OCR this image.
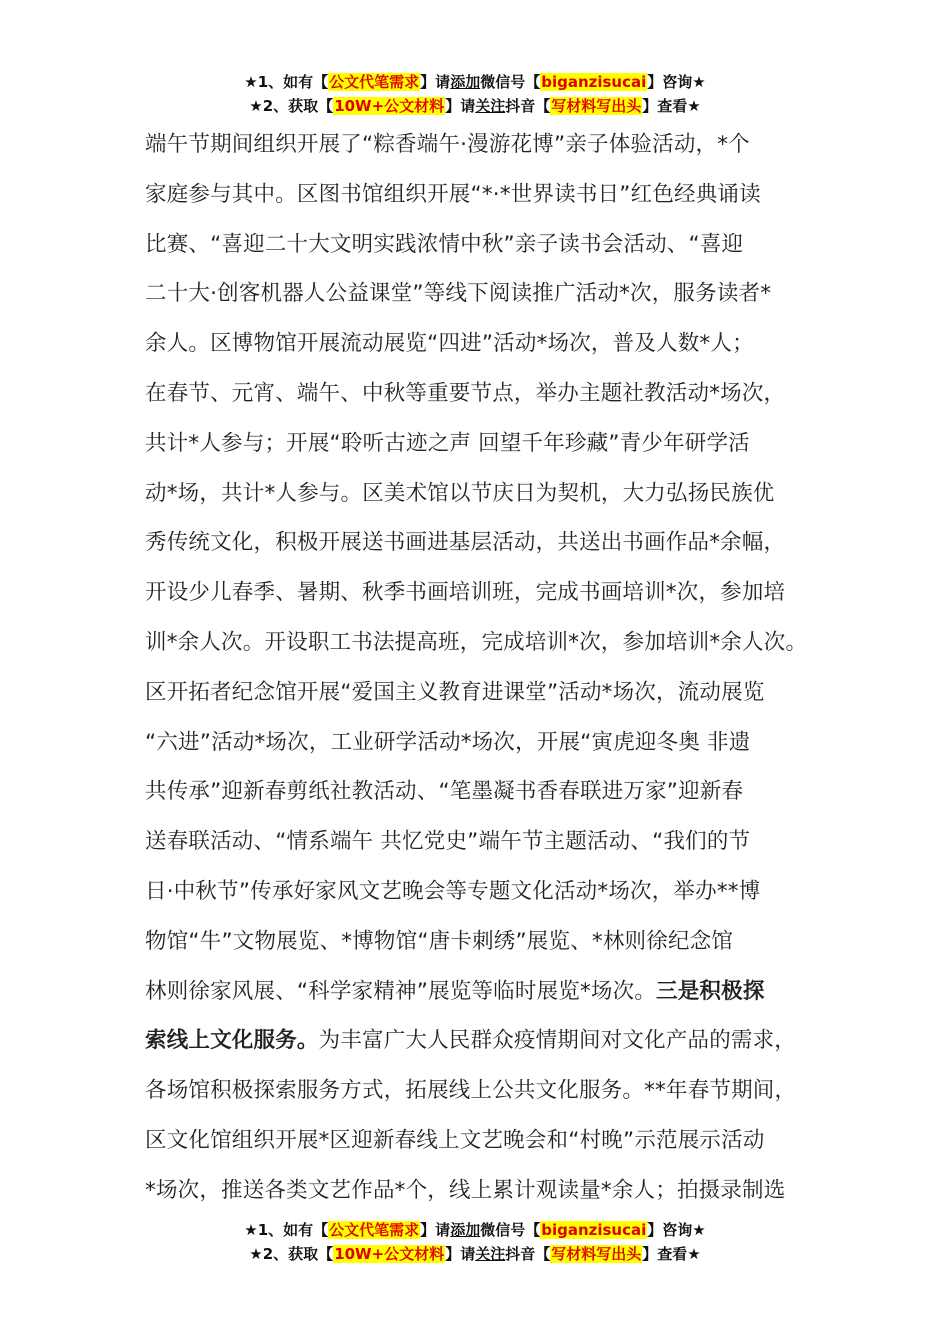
★1、如有【公文代笔需求】请添加微信号【biganzisucai】咨询★
★2、获取【10W+公文材料】请关注抖音【写材料写出头】查看★
端午节期间组织开展了“粽香端午·漫游花博”亲子体验活动，*个
家庭参与其中。区图书馆组织开展“*·*世界读书日”红色经典诵读
比赛、“喜迎二十大文明实践浓情中秋”亲子读书会活动、“喜迎
二十大·创客机器人公益课堂”等线下阅读推广活动*次，服务读者*
余人。区博物馆开展流动展览“四进”活动*场次，普及人数*人；
在春节、元宵、端午、中秋等重要节点，举办主题社教活动*场次，
共计*人参与；开展“聆听古迹之声 回望千年珍藏”青少年研学活
动*场，共计*人参与。区美术馆以节庆日为契机，大力弘扬民族优
秀传统文化，积极开展送书画进基层活动，共送出书画作品*余幅，
开设少儿春季、暑期、秋季书画培训班，完成书画培训*次，参加培
训*余人次。开设职工书法提高班，完成培训*次，参加培训*余人次。
区开拓者纪念馆开展“爱国主义教育进课堂”活动*场次，流动展览
“六进”活动*场次，工业研学活动*场次，开展“寅虎迎冬奥 非遗
共传承”迎新春剪纸社教活动、“笔墨凝书香春联进万家”迎新春
送春联活动、“情系端午 共忆党史”端午节主题活动、“我们的节
日·中秋节”传承好家风文艺晚会等专题文化活动*场次，举办**博
物馆“牛”文物展览、*博物馆“唐卡刺绣”展览、*林则徐纪念馆
林则徐家风展、“科学家精神”展览等临时展览*场次。三是积极探
索线上文化服务。为丰富广大人民群众疫情期间对文化产品的需求，
各场馆积极探索服务方式，拓展线上公共文化服务。**年春节期间，
区文化馆组织开展*区迎新春线上文艺晚会和“村晚”示范展示活动
*场次，推送各类文艺作品*个，线上累计观读量*余人；拍摄录制选
★1、如有【公文代笔需求】请添加微信号【biganzisucai】咨询★
★2、获取【10W+公文材料】请关注抖音【写材料写出头】查看★
